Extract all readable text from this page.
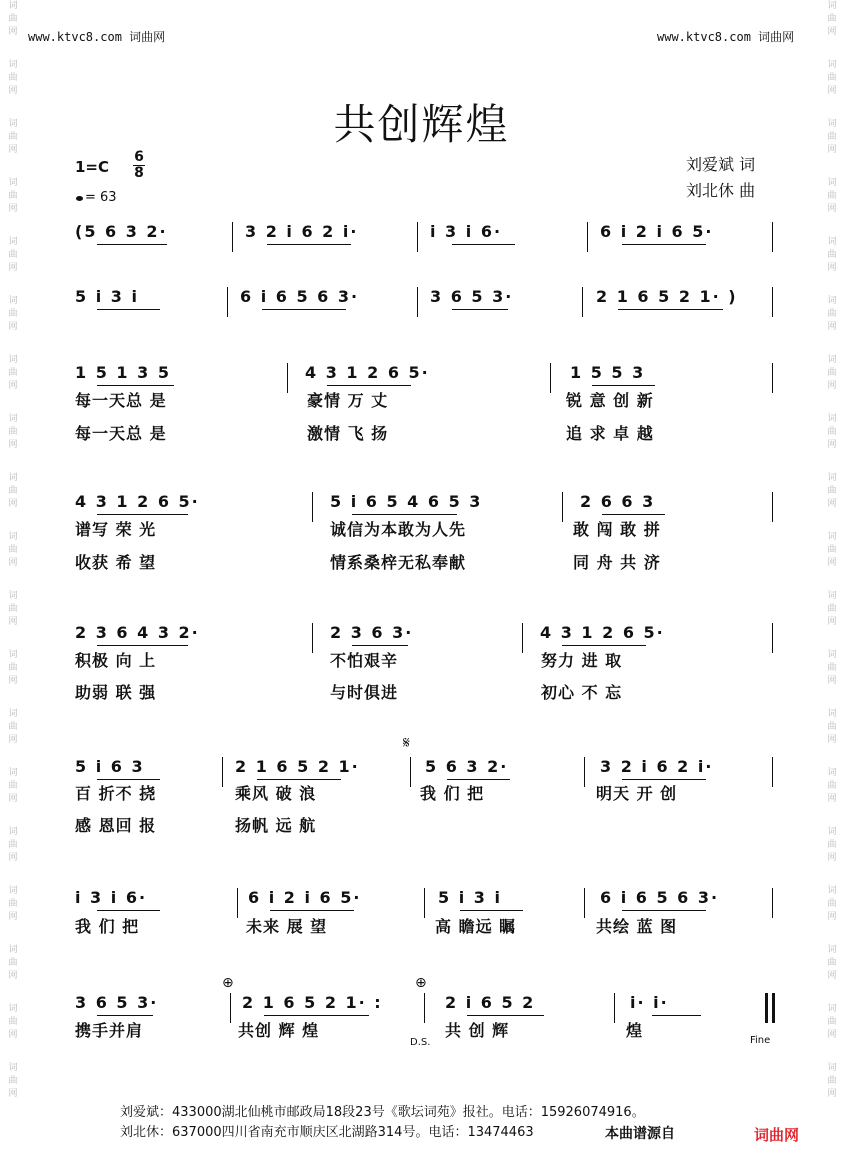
词
曲
网
词
曲
网
词
曲
网
词
曲
网
词
曲
网
词
曲
网
词
曲
网
词
曲
网
词
曲
网
词
曲
网
词
曲
网
词
曲
网
词
曲
网
词
曲
网
词
曲
网
词
曲
网
词
曲
网
词
曲
网
词
曲
网
词
曲
网
词
曲
网
词
曲
网
词
曲
网
词
曲
网
词
曲
网
词
曲
网
词
曲
网
词
曲
网
词
曲
网
词
曲
网
词
曲
网
词
曲
网
词
曲
网
词
曲
网
词
曲
网
词
曲
网
词
曲
网
词
曲
网
www.ktvc8.com 词曲网	www.ktvc8.com 词曲网
共创辉煌
1=C
6
8
= 63
刘爱斌 词
刘北休 曲
(5 6 3 2·	3 2 i 6 2 i·	i 3 i 6·	6 i 2 i 6 5·
5 i 3 i	6 i 6 5 6 3·	3 6 5 3·	2 1 6 5 2 1· )
1 5 1 3 5	4 3 1 2 6 5·	1 5 5 3
4 3 1 2 6 5·	5 i 6 5 4 6 5 3	2 6 6 3
2 3 6 4 3 2·	2 3 6 3·	4 3 1 2 6 5·
5 i 6 3	2 1 6 5 2 1·	5 6 3 2·	3 2 i 6 2 i·
i 3 i 6·	6 i 2 i 6 5·	5 i 3 i	6 i 6 5 6 3·
3 6 5 3·	2 1 6 5 2 1· :	2 i 6 5 2	i· i·
每一天总 是	豪情 万 丈	锐 意 创 新
每一天总 是	激情 飞 扬	追 求 卓 越
谱写 荣 光	诚信为本敢为人先	敢 闯 敢 拼
收获 希 望	情系桑梓无私奉献	同 舟 共 济
积极 向 上	不怕艰辛	努力 进 取
助弱 联 强	与时俱进	初心 不 忘
百 折不 挠	乘风 破 浪	我 们 把	明天 开 创
感 恩回 报	扬帆 远 航
我 们 把	未来 展 望	高 瞻远 瞩	共绘 蓝 图
携手并肩	共创 辉 煌	共 创 辉	煌
𝄋
⊕	⊕
D.S.	Fine
刘爱斌：433000湖北仙桃市邮政局18段23号《歌坛词苑》报社。电话：15926074916。
刘北休：637000四川省南充市顺庆区北湖路314号。电话：13474463	本曲谱源自	词曲网
